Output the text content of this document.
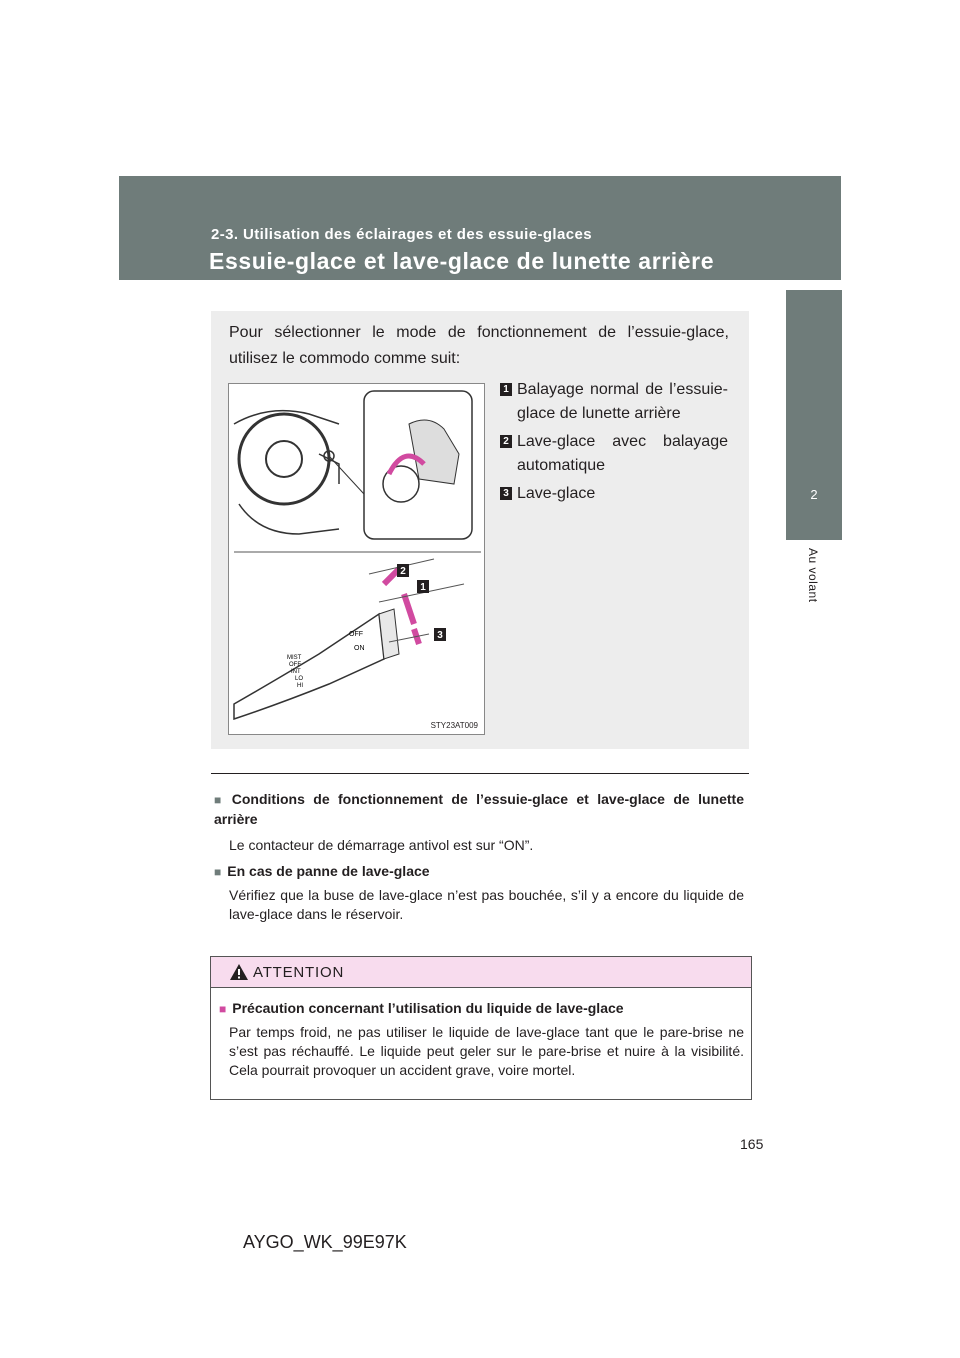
2-3. Utilisation des éclairages et des essuie-glaces
Essuie-glace et lave-glace de lunette arrière
2
Au volant
Pour sélectionner le mode de fonctionnement de l’essuie-glace, utilisez le commodo comme suit:
2
1
3
OFF
ON
MIST
OFF
INT
LO
HI
STY23AT009
1 Balayage normal de l’essuie-glace de lunette arrière
2 Lave-glace avec balayage automatique
3 Lave-glace
■ Conditions de fonctionnement de l’essuie-glace et lave-glace de lunette arrière
Le contacteur de démarrage antivol est sur “ON”.
■ En cas de panne de lave-glace
Vérifiez que la buse de lave-glace n’est pas bouchée, s’il y a encore du liquide de lave-glace dans le réservoir.
ATTENTION
■ Précaution concernant l’utilisation du liquide de lave-glace
Par temps froid, ne pas utiliser le liquide de lave-glace tant que le pare-brise ne s’est pas réchauffé. Le liquide peut geler sur le pare-brise et nuire à la visibilité. Cela pourrait provoquer un accident grave, voire mortel.
165
AYGO_WK_99E97K
